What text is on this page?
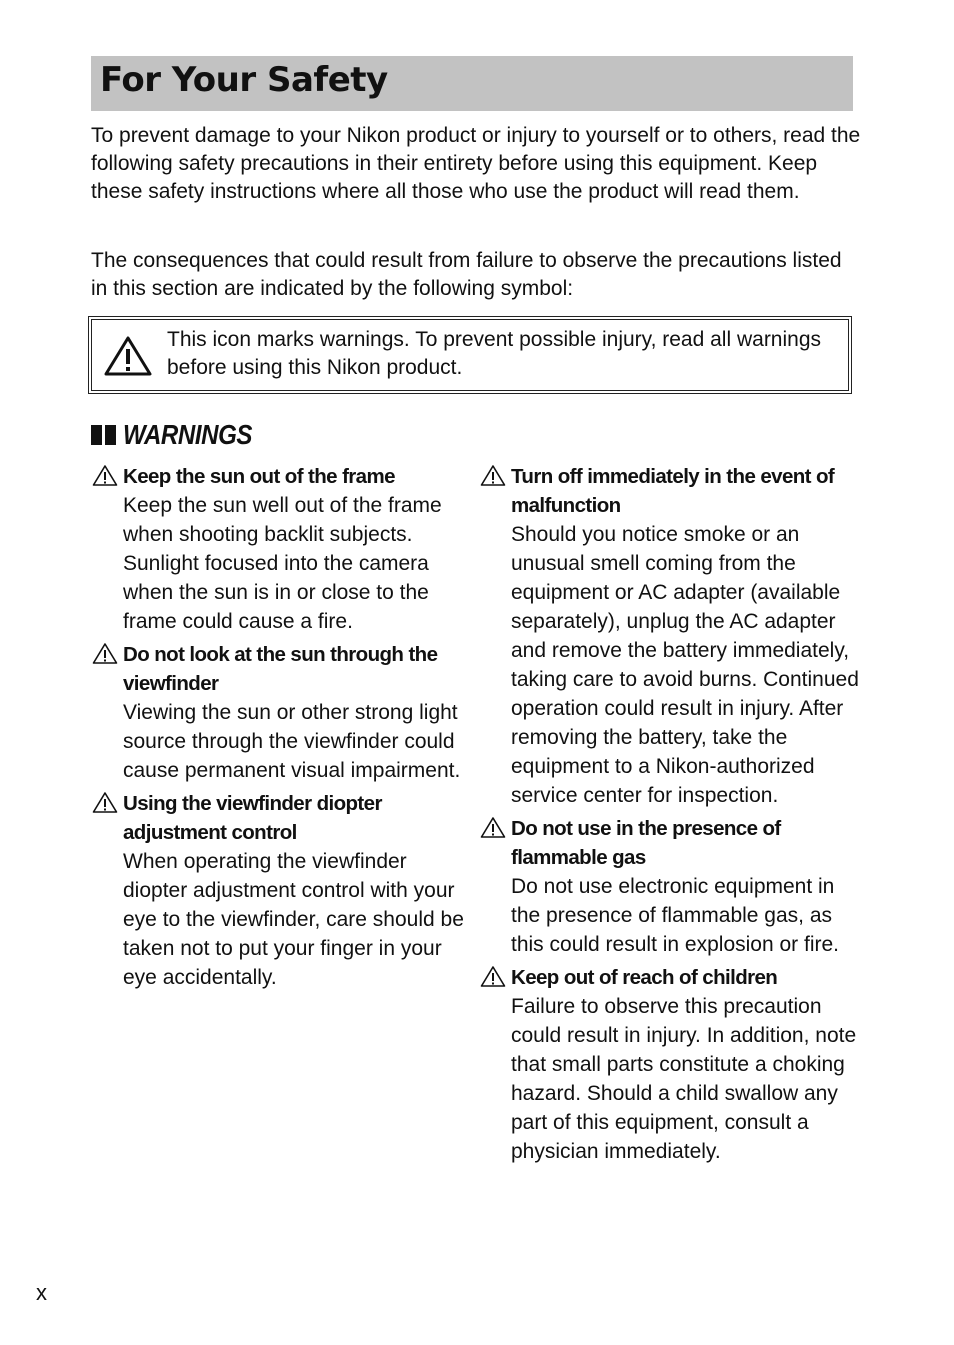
For Your Safety

To prevent damage to your Nikon product or injury to yourself or to others, read the following safety precautions in their entirety before using this equipment. Keep these safety instructions where all those who use the product will read them.

The consequences that could result from failure to observe the precautions listed in this section are indicated by the following symbol:

This icon marks warnings. To prevent possible injury, read all warnings before using this Nikon product.

WARNINGS
Keep the sun out of the frame

Keep the sun well out of the frame when shooting backlit subjects. Sunlight focused into the camera when the sun is in or close to the frame could cause a fire.

Do not look at the sun through the viewfinder

Viewing the sun or other strong light source through the viewfinder could cause permanent visual impairment.

Using the viewfinder diopter adjustment control

When operating the viewfinder diopter adjustment control with your eye to the viewfinder, care should be taken not to put your finger in your eye accidentally.

Turn off immediately in the event of malfunction

Should you notice smoke or an unusual smell coming from the equipment or AC adapter (available separately), unplug the AC adapter and remove the battery immediately, taking care to avoid burns. Continued operation could result in injury. After removing the battery, take the equipment to a Nikon-authorized service center for inspection.

Do not use in the presence of flammable gas

Do not use electronic equipment in the presence of flammable gas, as this could result in explosion or fire.

Keep out of reach of children

Failure to observe this precaution could result in injury. In addition, note that small parts constitute a choking hazard. Should a child swallow any part of this equipment, consult a physician immediately.

x
